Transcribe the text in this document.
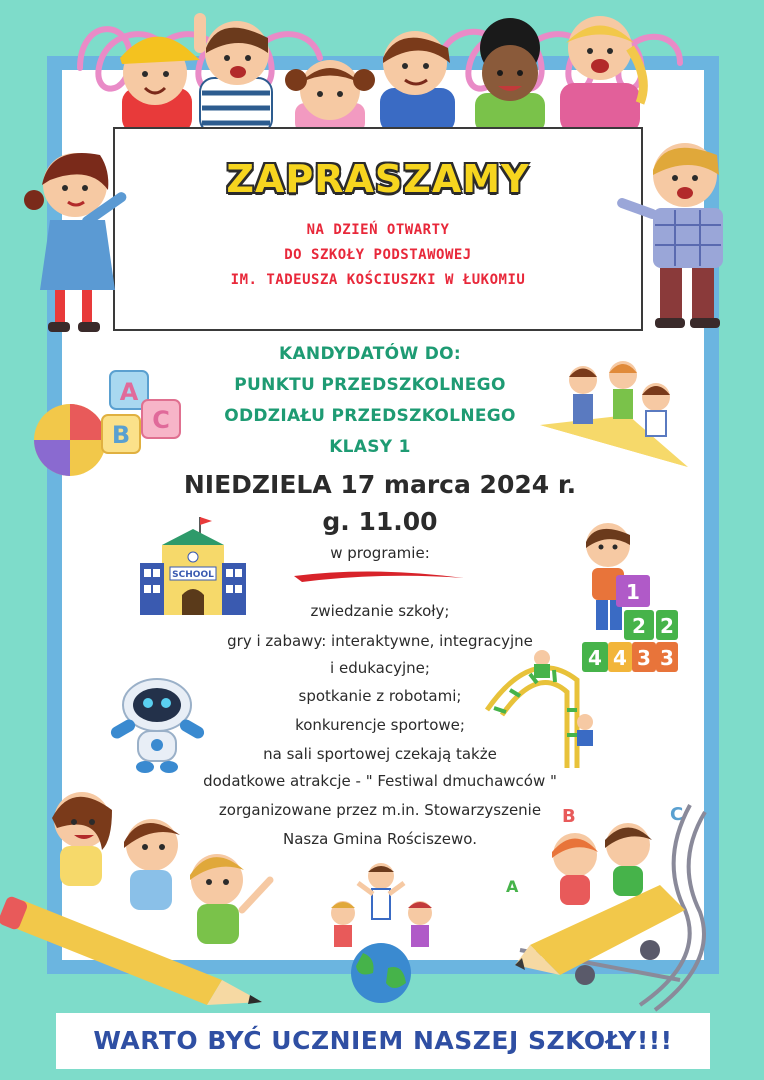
ZAPRASZAMY
NA DZIEŃ OTWARTY
DO SZKOŁY PODSTAWOWEJ
IM. TADEUSZA KOŚCIUSZKI W ŁUKOMIU
KANDYDATÓW DO:
PUNKTU PRZEDSZKOLNEGO
ODDZIAŁU PRZEDSZKOLNEGO
KLASY 1
A
B
C
NIEDZIELA 17 marca 2024 r.
g. 11.00
SCHOOL
w programie:
zwiedzanie szkoły;
gry i zabawy: interaktywne, integracyjne
i edukacyjne;
spotkanie z robotami;
konkurencje sportowe;
na sali sportowej czekają także
dodatkowe atrakcje - " Festiwal dmuchawców "
zorganizowane przez m.in. Stowarzyszenie
Nasza Gmina Rościszewo.
1
2 2
4 4 3 3
B	C
A
WARTO BYĆ UCZNIEM NASZEJ SZKOŁY!!!
